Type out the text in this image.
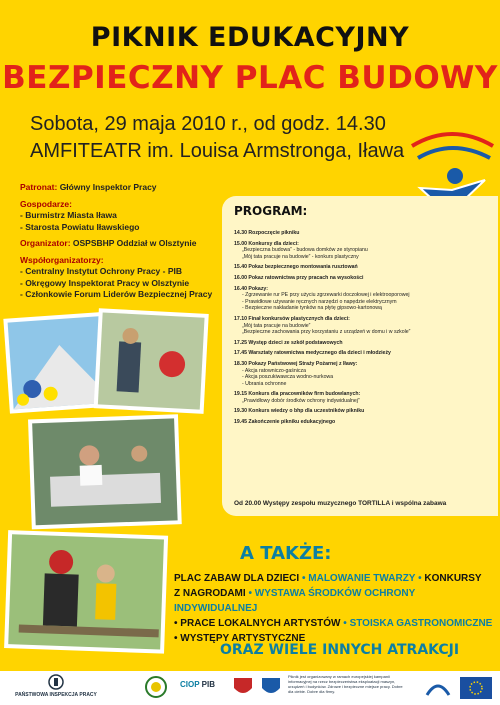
PIKNIK EDUKACYJNY
BEZPIECZNY PLAC BUDOWY
Sobota, 29 maja 2010 r., od godz. 14.30
AMFITEATR im. Louisa Armstronga, Iława
Patronat: Główny Inspektor Pracy
Gospodarze:
- Burmistrz Miasta Iława
- Starosta Powiatu Iławskiego
Organizator: OSPSBHP Oddział w Olsztynie
Współorganizatorzy:
- Centralny Instytut Ochrony Pracy - PIB
- Okręgowy Inspektorat Pracy w Olsztynie
- Członkowie Forum Liderów Bezpiecznej Pracy
PROGRAM:
14.30 Rozpoczęcie pikniku
15.00 Konkursy dla dzieci:
„Bezpieczna budowa” - budowa domków ze styropianu
„Mój tata pracuje na budowie” - konkurs plastyczny
15.40 Pokaz bezpiecznego montowania rusztowań
16.00 Pokaz ratownictwa przy pracach na wysokości
16.40 Pokazy:
- Zgrzewanie rur PE przy użyciu zgrzewarki doczołowej i elektrooporowej
- Prawidłowe używanie ręcznych narzędzi o napędzie elektrycznym
- Bezpieczne nakładanie tynków na płytę gipsowo-kartonową
17.10 Finał konkursów plastycznych dla dzieci:
„Mój tata pracuje na budowie”
„Bezpieczne zachowania przy korzystaniu z urządzeń w domu i w szkole”
17.25 Występ dzieci ze szkół podstawowych
17.45 Warsztaty ratownictwa medycznego dla dzieci i młodzieży
18.30 Pokazy Państwowej Straży Pożarnej z Iławy:
- Akcja ratowniczo-gaśnicza
- Akcja poszukiwawcza wodno-nurkowa
- Ubrania ochronne
19.15 Konkurs dla pracowników firm budowlanych:
„Prawidłowy dobór środków ochrony indywidualnej”
19.30 Konkurs wiedzy o bhp dla uczestników pikniku
19.45 Zakończenie pikniku edukacyjnego
Od 20.00 Występy zespołu muzycznego TORTILLA i wspólna zabawa
A TAKŻE:
PLAC ZABAW DLA DZIECI • MALOWANIE TWARZY • KONKURSY
Z NAGRODAMI • WYSTAWA ŚRODKÓW OCHRONY INDYWIDUALNEJ
• PRACE LOKALNYCH ARTYSTÓW • STOISKA GASTRONOMICZNE
• WYSTĘPY ARTYSTYCZNE
ORAZ WIELE INNYCH ATRAKCJI
PAŃSTWOWA INSPEKCJA PRACY
CIOP PIB
Piknik jest organizowany w ramach europejskiej kampanii informacyjnej na rzecz bezpieczeństwa eksploatacji maszyn, urządzeń i budynków. Zdrowe i bezpieczne miejsce pracy. Dobre dla ciebie. Dobre dla firmy.
